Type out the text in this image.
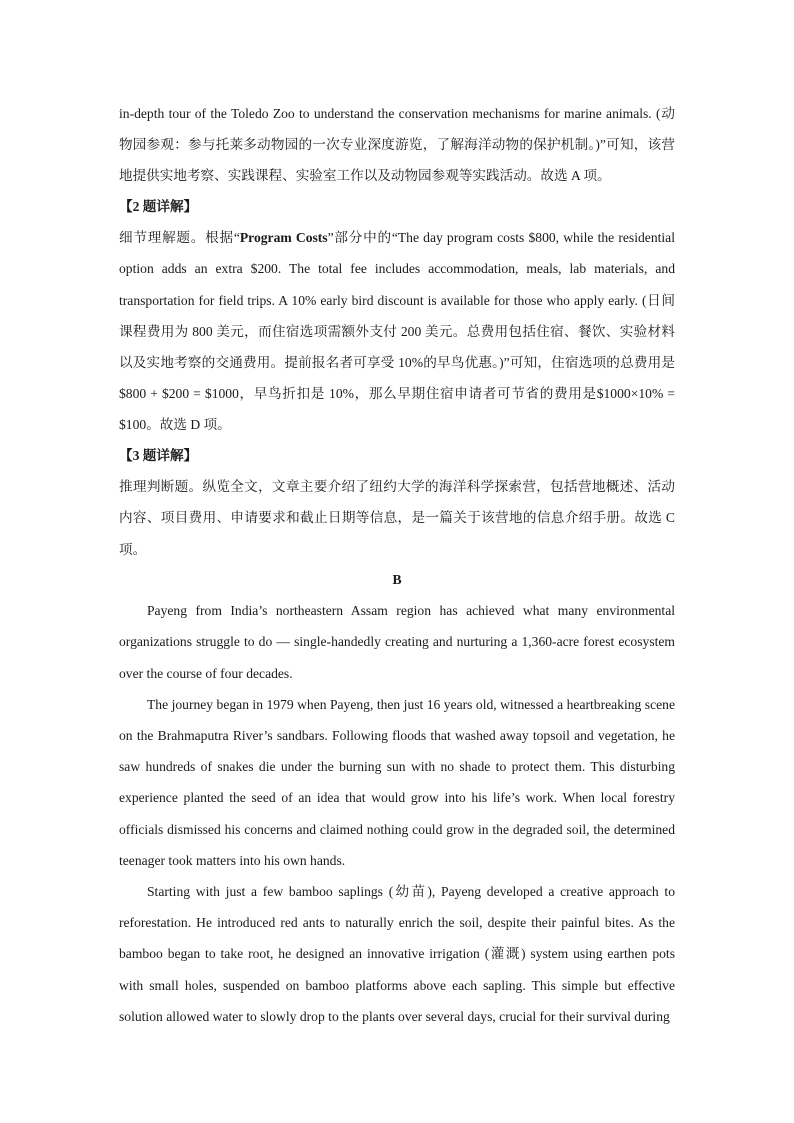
in-depth tour of the Toledo Zoo to understand the conservation mechanisms for marine animals. (动物园参观：参与托莱多动物园的一次专业深度游览，了解海洋动物的保护机制。)”可知，该营地提供实地考察、实践课程、实验室工作以及动物园参观等实践活动。故选 A 项。

【2 题详解】

细节理解题。根据“Program Costs”部分中的“The day program costs $800, while the residential option adds an extra $200. The total fee includes accommodation, meals, lab materials, and transportation for field trips. A 10% early bird discount is available for those who apply early. (日间课程费用为 800 美元，而住宿选项需额外支付 200 美元。总费用包括住宿、餐饮、实验材料以及实地考察的交通费用。提前报名者可享受 10%的早鸟优惠。)”可知，住宿选项的总费用是$800 + $200 = $1000，早鸟折扣是 10%，那么早期住宿申请者可节省的费用是$1000×10% = $100。故选 D 项。

【3 题详解】

推理判断题。纵览全文，文章主要介绍了纽约大学的海洋科学探索营，包括营地概述、活动内容、项目费用、申请要求和截止日期等信息，是一篇关于该营地的信息介绍手册。故选 C 项。

B

Payeng from India’s northeastern Assam region has achieved what many environmental organizations struggle to do — single-handedly creating and nurturing a 1,360-acre forest ecosystem over the course of four decades.

The journey began in 1979 when Payeng, then just 16 years old, witnessed a heartbreaking scene on the Brahmaputra River’s sandbars. Following floods that washed away topsoil and vegetation, he saw hundreds of snakes die under the burning sun with no shade to protect them. This disturbing experience planted the seed of an idea that would grow into his life’s work. When local forestry officials dismissed his concerns and claimed nothing could grow in the degraded soil, the determined teenager took matters into his own hands.

Starting with just a few bamboo saplings (幼苗), Payeng developed a creative approach to reforestation. He introduced red ants to naturally enrich the soil, despite their painful bites. As the bamboo began to take root, he designed an innovative irrigation (灌溉) system using earthen pots with small holes, suspended on bamboo platforms above each sapling. This simple but effective solution allowed water to slowly drop to the plants over several days, crucial for their survival during
